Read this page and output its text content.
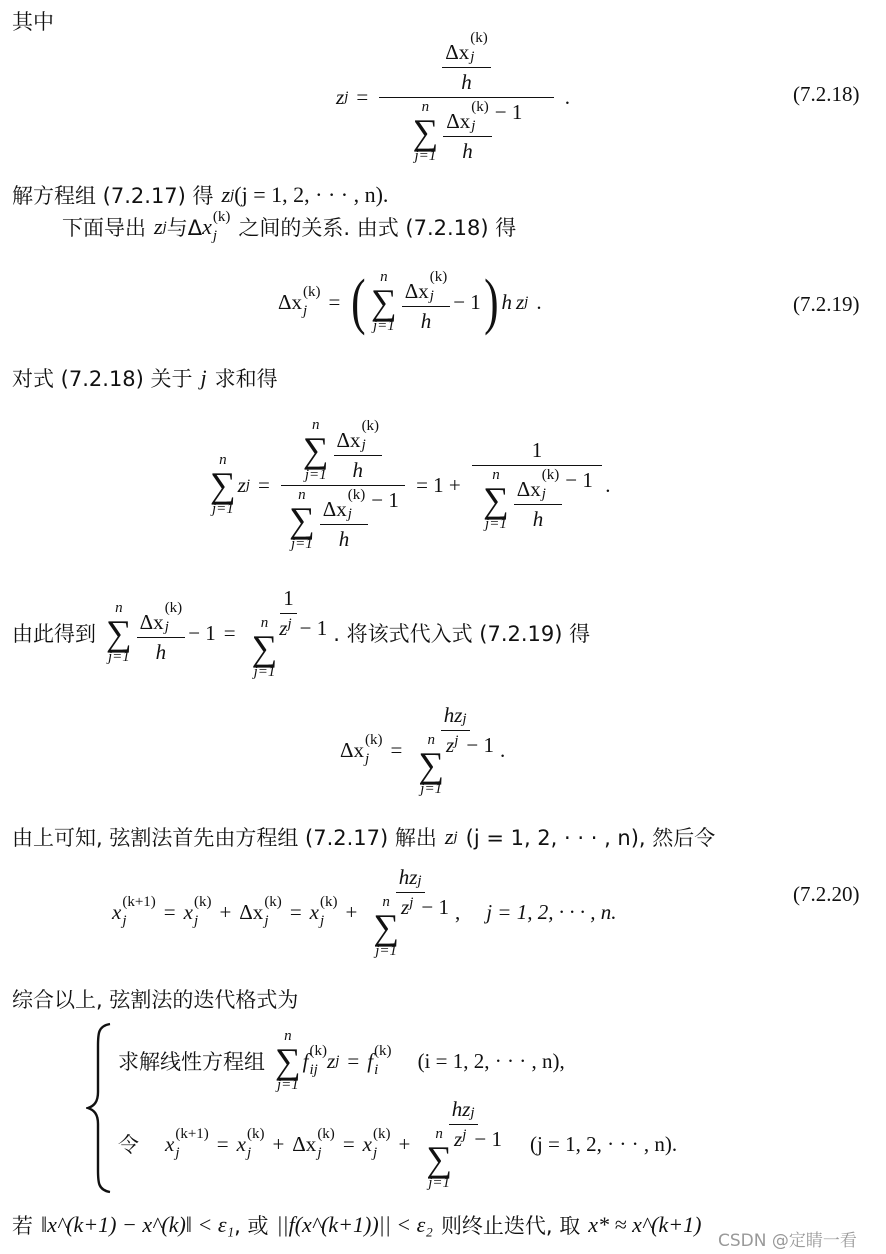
其中
z j =
Δx
(k)
j
h
n
∑
j=1 Δx
(k)
j
h − 1
.	(7.2.18)
解方程组 (7.2.17) 得 z j (j = 1, 2, · · · , n).
下面导出 z j 与Δ x (k)
j	之间的关系. 由式 (7.2.18) 得
Δx (k)
j	= ( n
∑
j=1 Δx
(k)
j
h − 1 ) h z j .	(7.2.19)
对式 (7.2.18) 关于 j 求和得
n
∑
j=1
z j =
n
∑
j=1 Δx
(k)
j
h
n
∑
j=1 Δx
(k)
j
h − 1
= 1 +
1
n
∑
j=1 Δx
(k)
j
h − 1 .
由此得到
n
∑
j=1 Δx
(k)
j
h − 1 = 1
n
∑
j=1
z j − 1 . 将该式代入式 (7.2.19) 得
Δx (k)
j	= hz j
n
∑
j=1
z j − 1 .
由上可知, 弦割法首先由方程组 (7.2.17) 解出 z j (j = 1, 2, · · · , n), 然后令
x (k+1)
j	= x (k)
j	+ Δx (k)
j	= x (k)
j	+ hz j
n
∑
j=1
z j − 1 , j = 1, 2, · · · , n.
(7.2.20)
综合以上, 弦割法的迭代格式为
求解线性方程组
n
∑
j=1
f (k)
ij z j = f (k)
i	(i = 1, 2, · · · , n),
令 x (k+1)
j	= x (k)
j	+ Δx (k)
j	= x (k)
j	+ hz j
n
∑
j=1
z j − 1 (j = 1, 2, · · · , n).
若 ‖x^(k+1) − x^(k)‖ < ε₁ , 或 ||f(x^(k+1))|| < ε₂ 则终止迭代, 取 x* ≈ x^(k+1)
CSDN @定睛一看
